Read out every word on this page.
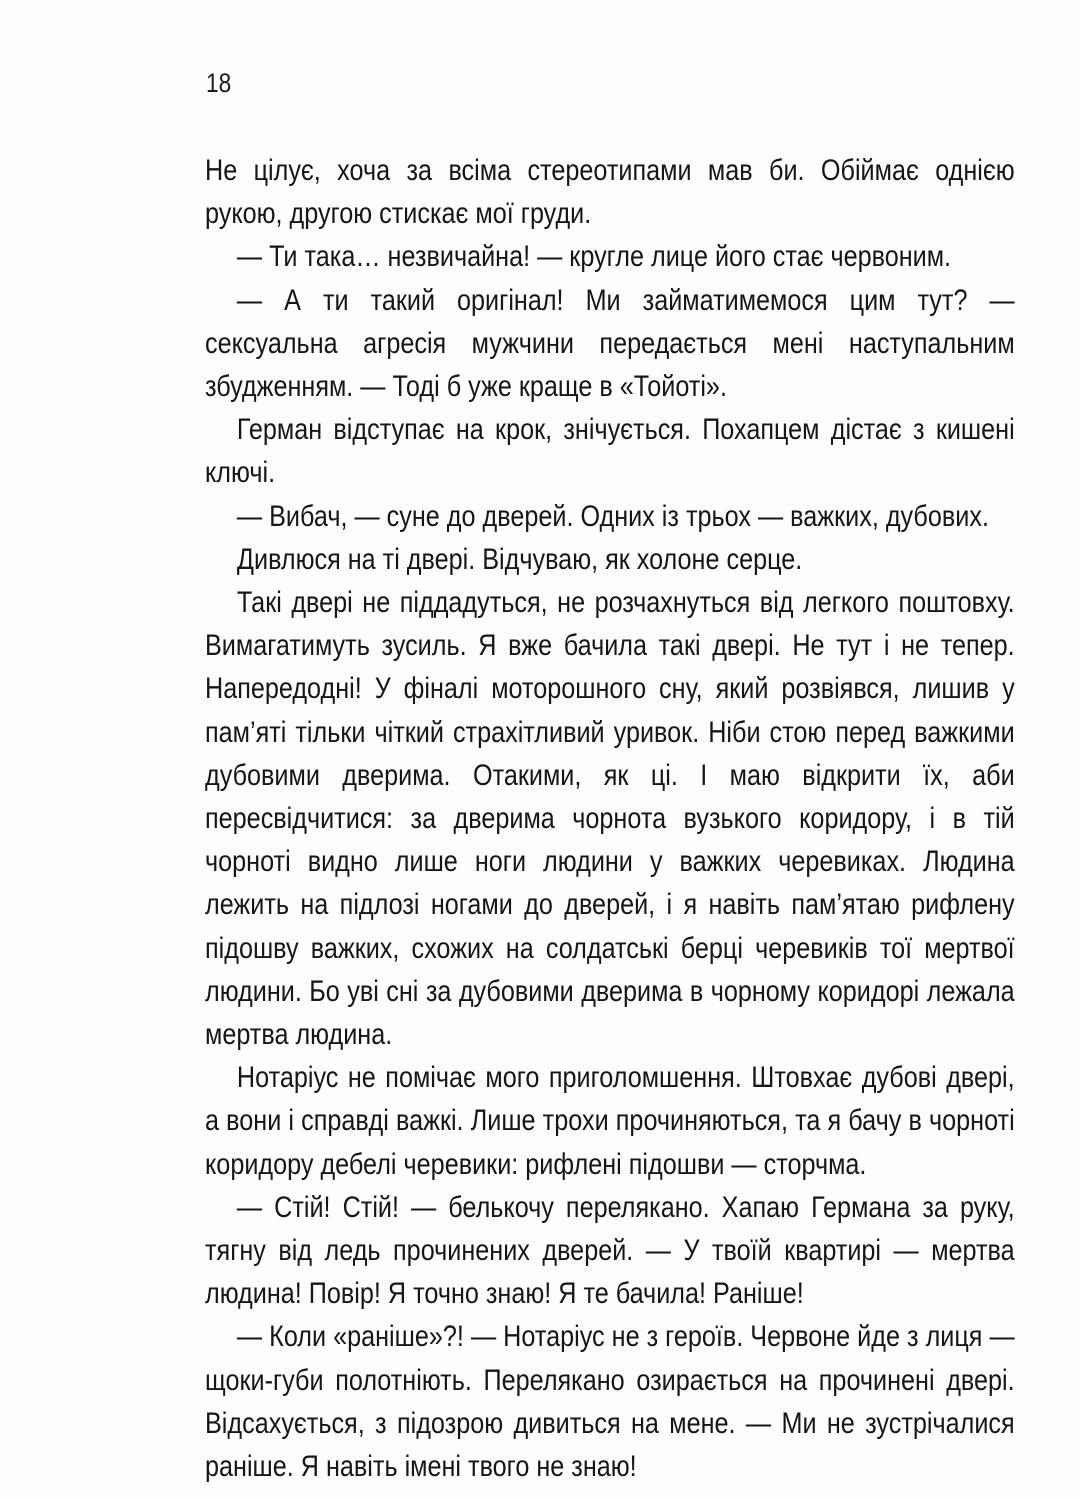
18

Не цілує, хоча за всіма стереотипами мав би. Обіймає однією рукою, другою стискає мої груди.

— Ти така… незвичайна! — кругле лице його стає червоним.

— А ти такий оригінал! Ми займатимемося цим тут? — сексуальна агресія мужчини передається мені наступальним збудженням. — Тоді б уже краще в «Тойоті».

Герман відступає на крок, знічується. Похапцем дістає з кишені ключі.

— Вибач, — суне до дверей. Одних із трьох — важких, дубових.

Дивлюся на ті двері. Відчуваю, як холоне серце.

Такі двері не піддадуться, не розчахнуться від легкого поштовху. Вимагатимуть зусиль. Я вже бачила такі двері. Не тут і не тепер. Напередодні! У фіналі моторошного сну, який розвіявся, лишив у пам’яті тільки чіткий страхітливий уривок. Ніби стою перед важкими дубовими дверима. Отакими, як ці. І маю відкрити їх, аби пересвідчитися: за дверима чорнота вузького коридору, і в тій чорноті видно лише ноги людини у важких черевиках. Людина лежить на підлозі ногами до дверей, і я навіть пам’ятаю рифлену підошву важких, схожих на солдатські берці черевиків тої мертвої людини. Бо уві сні за дубовими дверима в чорному коридорі лежала мертва людина.

Нотаріус не помічає мого приголомшення. Штовхає дубові двері, а вони і справді важкі. Лише трохи прочиняються, та я бачу в чорноті коридору дебелі черевики: рифлені підошви — сторчма.

— Стій! Стій! — белькочу перелякано. Хапаю Германа за руку, тягну від ледь прочинених дверей. — У твоїй квартирі — мертва людина! Повір! Я точно знаю! Я те бачила! Раніше!

— Коли «раніше»?! — Нотаріус не з героїв. Червоне йде з лиця — щоки-губи полотніють. Перелякано озирається на прочинені двері. Відсахується, з підозрою дивиться на мене. — Ми не зустрічалися раніше. Я навіть імені твого не знаю!
